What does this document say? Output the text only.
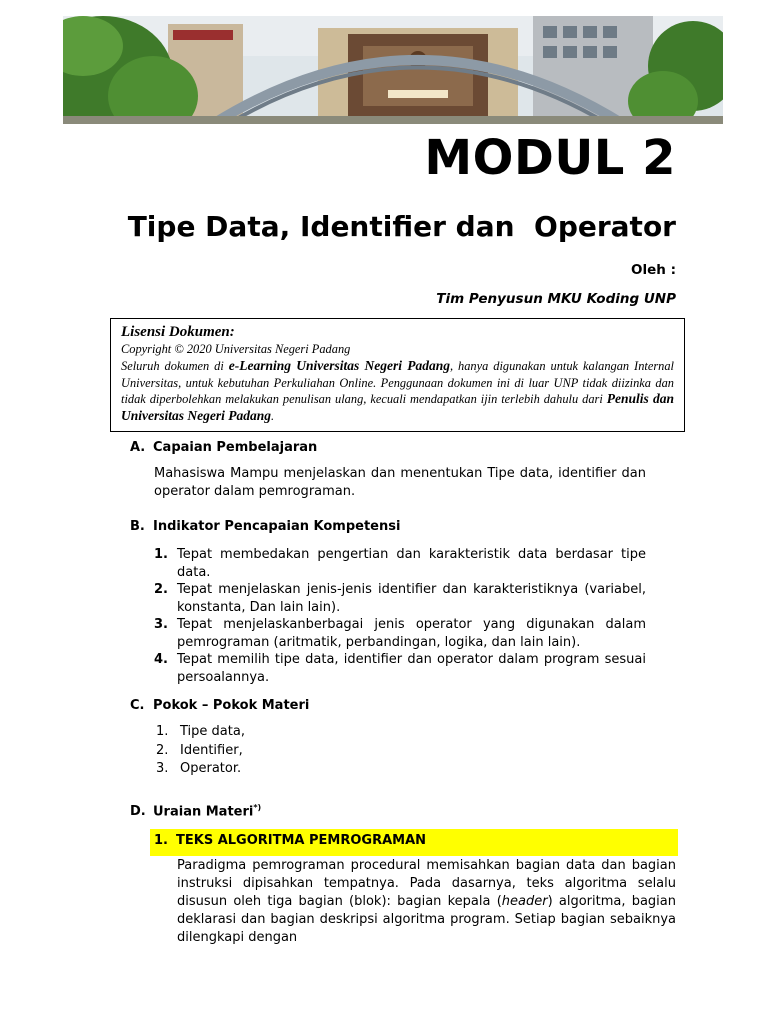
MODUL 2
Tipe Data, Identifier dan  Operator
Oleh :
Tim Penyusun MKU Koding UNP
Lisensi Dokumen:
Copyright © 2020 Universitas Negeri Padang
Seluruh dokumen di e-Learning Universitas Negeri Padang, hanya digunakan untuk kalangan Internal Universitas, untuk kebutuhan Perkuliahan Online. Penggunaan dokumen ini di luar UNP tidak diizinka dan tidak diperbolehkan melakukan penulisan ulang, kecuali mendapatkan ijin terlebih dahulu dari Penulis dan Universitas Negeri Padang.
A. Capaian Pembelajaran
Mahasiswa Mampu menjelaskan dan menentukan Tipe data, identifier dan operator dalam pemrograman.
B. Indikator Pencapaian Kompetensi
1. Tepat membedakan pengertian dan karakteristik data berdasar tipe data.
2. Tepat menjelaskan jenis-jenis identifier dan karakteristiknya (variabel, konstanta, Dan lain lain).
3. Tepat menjelaskanberbagai jenis operator yang digunakan dalam pemrograman (aritmatik, perbandingan, logika, dan lain lain).
4. Tepat memilih tipe data, identifier dan operator dalam program sesuai persoalannya.
C. Pokok – Pokok Materi
1. Tipe data,
2. Identifier,
3. Operator.
D. Uraian Materi*)
1. TEKS ALGORITMA PEMROGRAMAN
Paradigma pemrograman procedural memisahkan bagian data dan bagian instruksi dipisahkan tempatnya. Pada dasarnya, teks algoritma selalu disusun oleh tiga bagian (blok): bagian kepala (header) algoritma, bagian deklarasi dan bagian deskripsi algoritma program. Setiap bagian sebaiknya dilengkapi dengan
